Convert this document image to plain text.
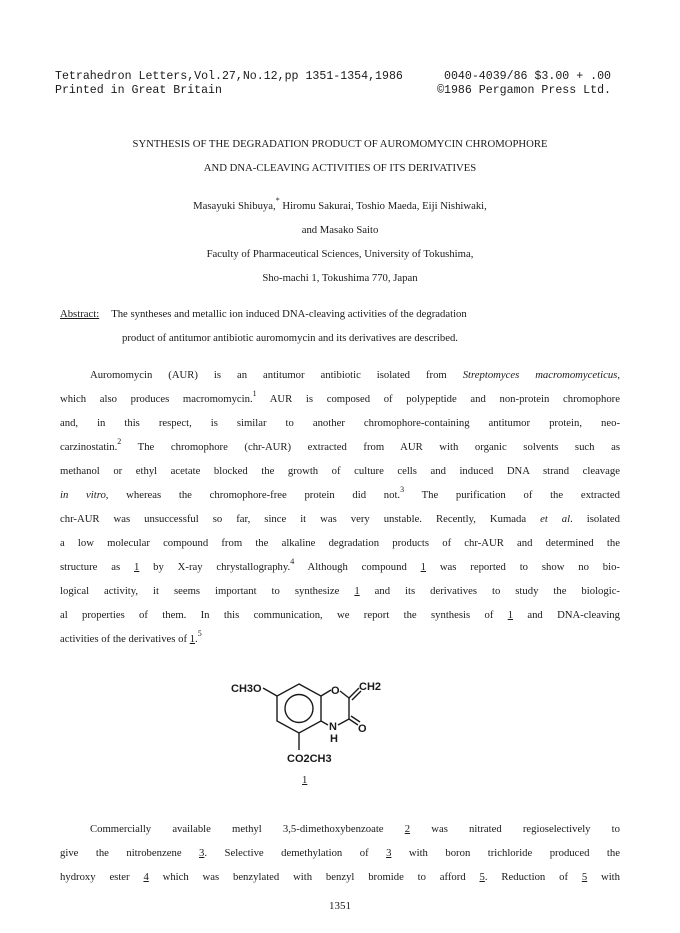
Tetrahedron Letters,Vol.27,No.12,pp 1351-1354,1986	0040-4039/86 $3.00 + .00
Printed in Great Britain	©1986 Pergamon Press Ltd.
SYNTHESIS OF THE DEGRADATION PRODUCT OF AUROMOMYCIN CHROMOPHORE
AND DNA-CLEAVING ACTIVITIES OF ITS DERIVATIVES
Masayuki Shibuya,* Hiromu Sakurai, Toshio Maeda, Eiji Nishiwaki,
and Masako Saito
Faculty of Pharmaceutical Sciences, University of Tokushima,
Sho-machi 1, Tokushima 770, Japan
Abstract: The syntheses and metallic ion induced DNA-cleaving activities of the degradation
product of antitumor antibiotic auromomycin and its derivatives are described.
Auromomycin (AUR) is an antitumor antibiotic isolated from Streptomyces macromomyceticus,
which also produces macromomycin.$^1$ AUR is composed of polypeptide and non-protein chromophore
and, in this respect, is similar to another chromophore-containing antitumor protein, neo-
carzinostatin.$^2$ The chromophore (chr-AUR) extracted from AUR with organic solvents such as
methanol or ethyl acetate blocked the growth of culture cells and induced DNA strand cleavage
in vitro, whereas the chromophore-free protein did not.$^3$ The purification of the extracted
chr-AUR was unsuccessful so far, since it was very unstable. Recently, Kumada et al. isolated
a low molecular compound from the alkaline degradation products of chr-AUR and determined the
structure as 1 by X-ray chrystallography.$^4$ Although compound 1 was reported to show no bio-
logical activity, it seems important to synthesize 1 and its derivatives to study the biologic-
al properties of them. In this communication, we report the synthesis of 1 and DNA-cleaving
activities of the derivatives of 1.$^5$
CH3O	O CH2
N
H
O
CO2CH3
1
Commercially available methyl 3,5-dimethoxybenzoate 2 was nitrated regioselectively to
give the nitrobenzene 3. Selective demethylation of 3 with boron trichloride produced the
hydroxy ester 4 which was benzylated with benzyl bromide to afford 5. Reduction of 5 with
1351
